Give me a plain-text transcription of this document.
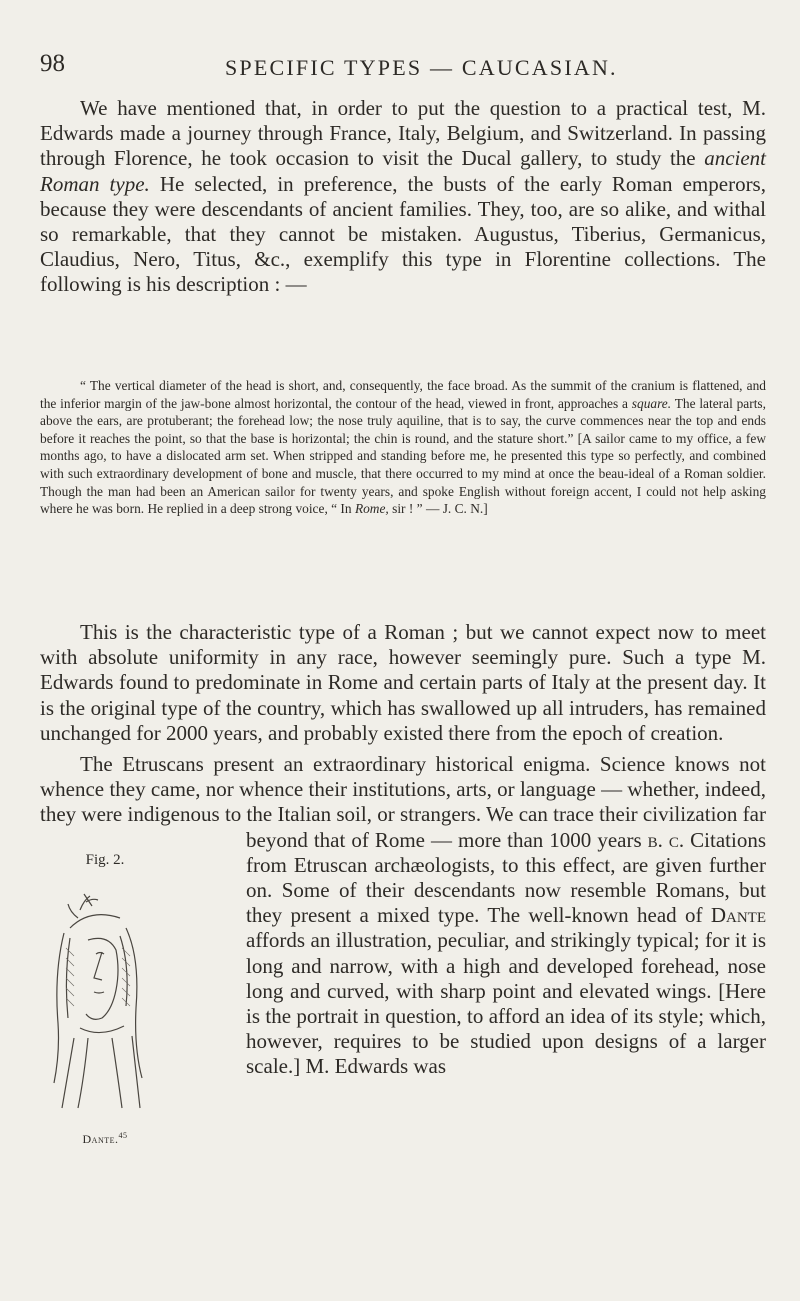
98	SPECIFIC TYPES — CAUCASIAN.

We have mentioned that, in order to put the question to a practical test, M. Edwards made a journey through France, Italy, Belgium, and Switzerland. In passing through Florence, he took occasion to visit the Ducal gallery, to study the ancient Roman type. He selected, in preference, the busts of the early Roman emperors, because they were descendants of ancient families. They, too, are so alike, and withal so remarkable, that they cannot be mistaken. Augustus, Tiberius, Germanicus, Claudius, Nero, Titus, &c., exemplify this type in Florentine collections. The following is his description : —

“ The vertical diameter of the head is short, and, consequently, the face broad. As the summit of the cranium is flattened, and the inferior margin of the jaw-bone almost horizontal, the contour of the head, viewed in front, approaches a square. The lateral parts, above the ears, are protuberant; the forehead low; the nose truly aquiline, that is to say, the curve commences near the top and ends before it reaches the point, so that the base is horizontal; the chin is round, and the stature short.” [A sailor came to my office, a few months ago, to have a dislocated arm set. When stripped and standing before me, he presented this type so perfectly, and combined with such extraordinary development of bone and muscle, that there occurred to my mind at once the beau-ideal of a Roman soldier. Though the man had been an American sailor for twenty years, and spoke English without foreign accent, I could not help asking where he was born. He replied in a deep strong voice, “ In Rome, sir ! ” — J. C. N.]

This is the characteristic type of a Roman ; but we cannot expect now to meet with absolute uniformity in any race, however seemingly pure. Such a type M. Edwards found to predominate in Rome and certain parts of Italy at the present day. It is the original type of the country, which has swallowed up all intruders, has remained unchanged for 2000 years, and probably existed there from the epoch of creation.

The Etruscans present an extraordinary historical enigma. Science knows not whence they came, nor whence their institutions, arts, or language — whether, indeed, they were indigenous to the Italian soil, or strangers. We can trace their civilization far beyond that of Rome — more than 1000 years b. c.
Fig. 2.
Dante.$^{45}$
Citations from Etruscan archæologists, to this effect, are given further on. Some of their descendants now resemble Romans, but they present a mixed type. The well-known head of Dante affords an illustration, peculiar, and strikingly typical; for it is long and narrow, with a high and developed forehead, nose long and curved, with sharp point and elevated wings. [Here is the portrait in question, to afford an idea of its style; which, however, requires to be studied upon designs of a larger scale.] M. Edwards was
